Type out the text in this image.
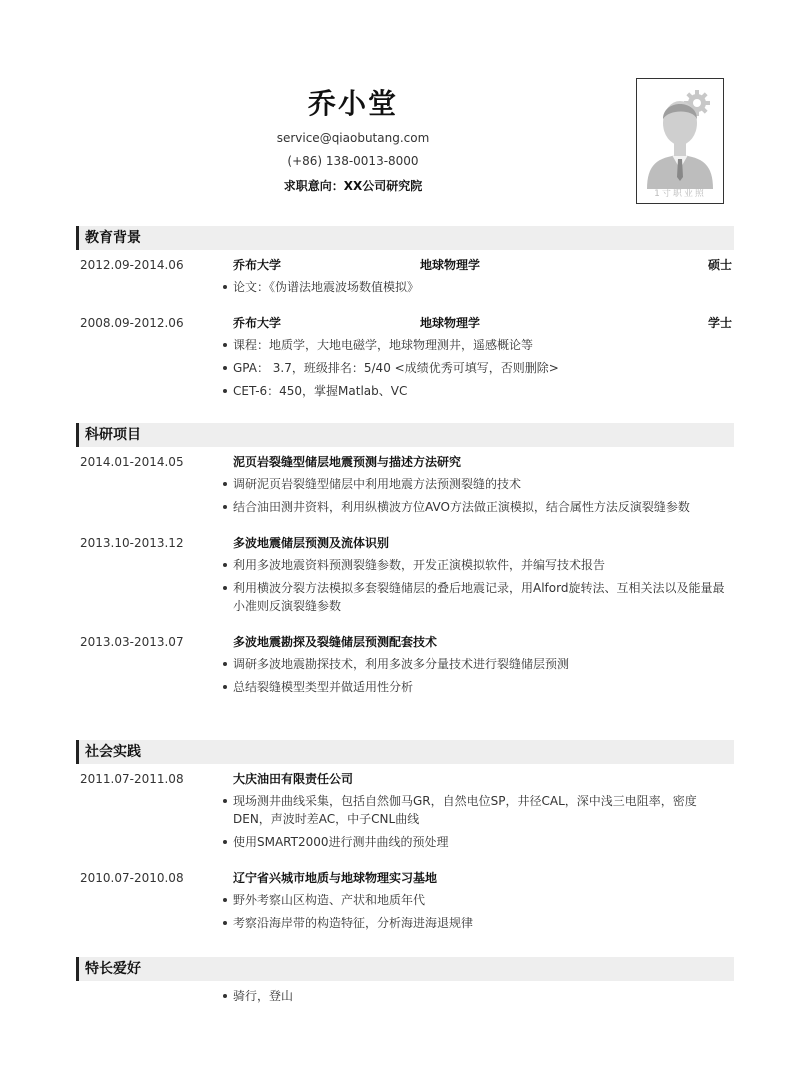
乔小堂
service@qiaobutang.com
(+86) 138-0013-8000
求职意向：XX公司研究院
1寸职业照
教育背景
2012.09-2014.06	乔布大学	地球物理学	硕士
论文：《伪谱法地震波场数值模拟》
2008.09-2012.06	乔布大学	地球物理学	学士
课程：地质学，大地电磁学，地球物理测井，遥感概论等
GPA： 3.7，班级排名：5/40 <成绩优秀可填写，否则删除>
CET-6：450，掌握Matlab、VC
科研项目
2014.01-2014.05	泥页岩裂缝型储层地震预测与描述方法研究
调研泥页岩裂缝型储层中利用地震方法预测裂缝的技术
结合油田测井资料，利用纵横波方位AVO方法做正演模拟，结合属性方法反演裂缝参数
2013.10-2013.12	多波地震储层预测及流体识别
利用多波地震资料预测裂缝参数，开发正演模拟软件，并编写技术报告
利用横波分裂方法模拟多套裂缝储层的叠后地震记录，用Alford旋转法、互相关法以及能量最小准则反演裂缝参数
2013.03-2013.07	多波地震勘探及裂缝储层预测配套技术
调研多波地震勘探技术，利用多波多分量技术进行裂缝储层预测
总结裂缝模型类型并做适用性分析
社会实践
2011.07-2011.08	大庆油田有限责任公司
现场测井曲线采集，包括自然伽马GR，自然电位SP，井径CAL，深中浅三电阻率，密度DEN，声波时差AC，中子CNL曲线
使用SMART2000进行测井曲线的预处理
2010.07-2010.08	辽宁省兴城市地质与地球物理实习基地
野外考察山区构造、产状和地质年代
考察沿海岸带的构造特征，分析海进海退规律
特长爱好
骑行，登山
